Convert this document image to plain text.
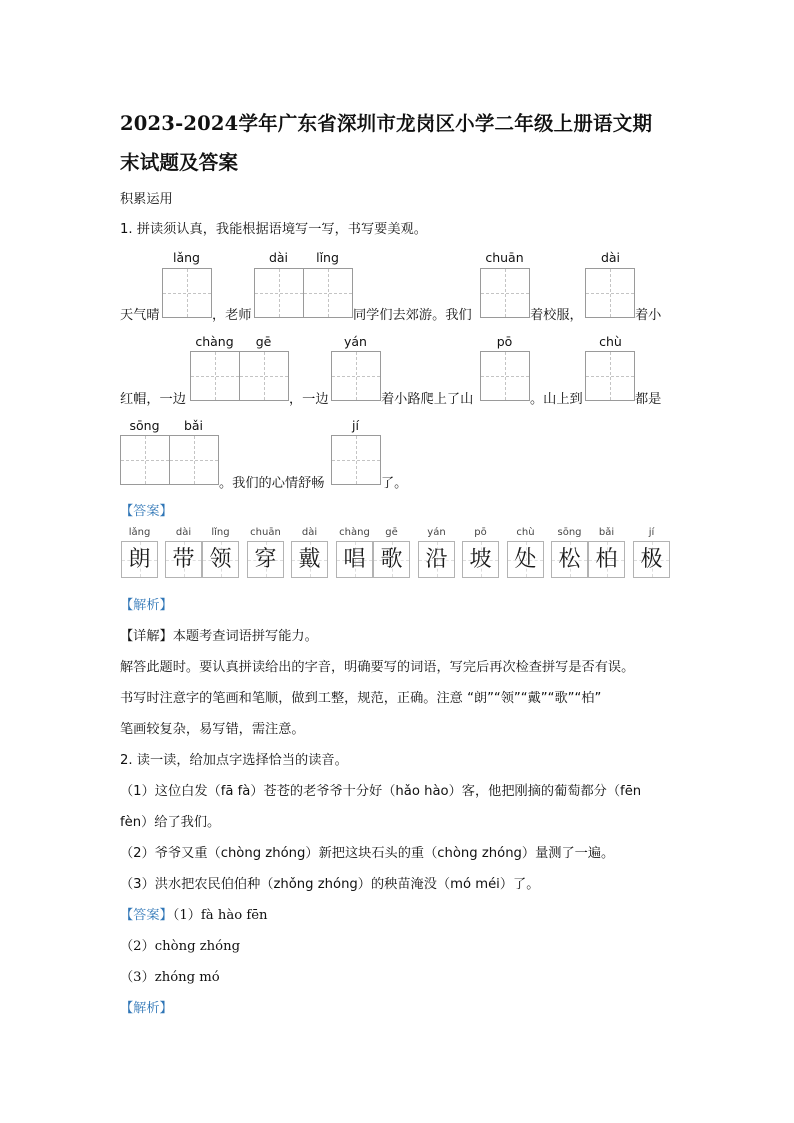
2023-2024学年广东省深圳市龙岗区小学二年级上册语文期
末试题及答案
积累运用
1. 拼读须认真，我能根据语境写一写，书写要美观。
lǎng	dài	lǐng	chuān	dài
天气晴	，老师	同学们去郊游。我们	着校服，	着小
chàng	gē	yán	pō	chù
红帽，一边	，一边	着小路爬上了山	。山上到	都是
sōng	bǎi	jí
。我们的心情舒畅	了。
【答案】
lǎng
朗
dài
带
lǐng
领
chuān
穿
dài
戴
chàng
唱
gē
歌
yán
沿
pō
坡
chù
处
sōng
松
bǎi
柏
jí
极
【解析】
【详解】本题考查词语拼写能力。
解答此题时。要认真拼读给出的字音，明确要写的词语，写完后再次检查拼写是否有误。
书写时注意字的笔画和笔顺，做到工整，规范，正确。注意 “朗”“领”“戴”“歌”“柏”
笔画较复杂，易写错，需注意。
2. 读一读，给加点字选择恰当的读音。
（1）这位白发（fā fà）苍苍的老爷爷十分好（hǎo hào）客，他把刚摘的葡萄都分（fēn
fèn）给了我们。
（2）爷爷又重（chòng zhóng）新把这块石头的重（chòng zhóng）量测了一遍。
（3）洪水把农民伯伯种（zhǒng zhóng）的秧苗淹没（mó méi）了。
【答案】（1）fà hào fēn
（2）chòng zhóng
（3）zhóng mó
【解析】
